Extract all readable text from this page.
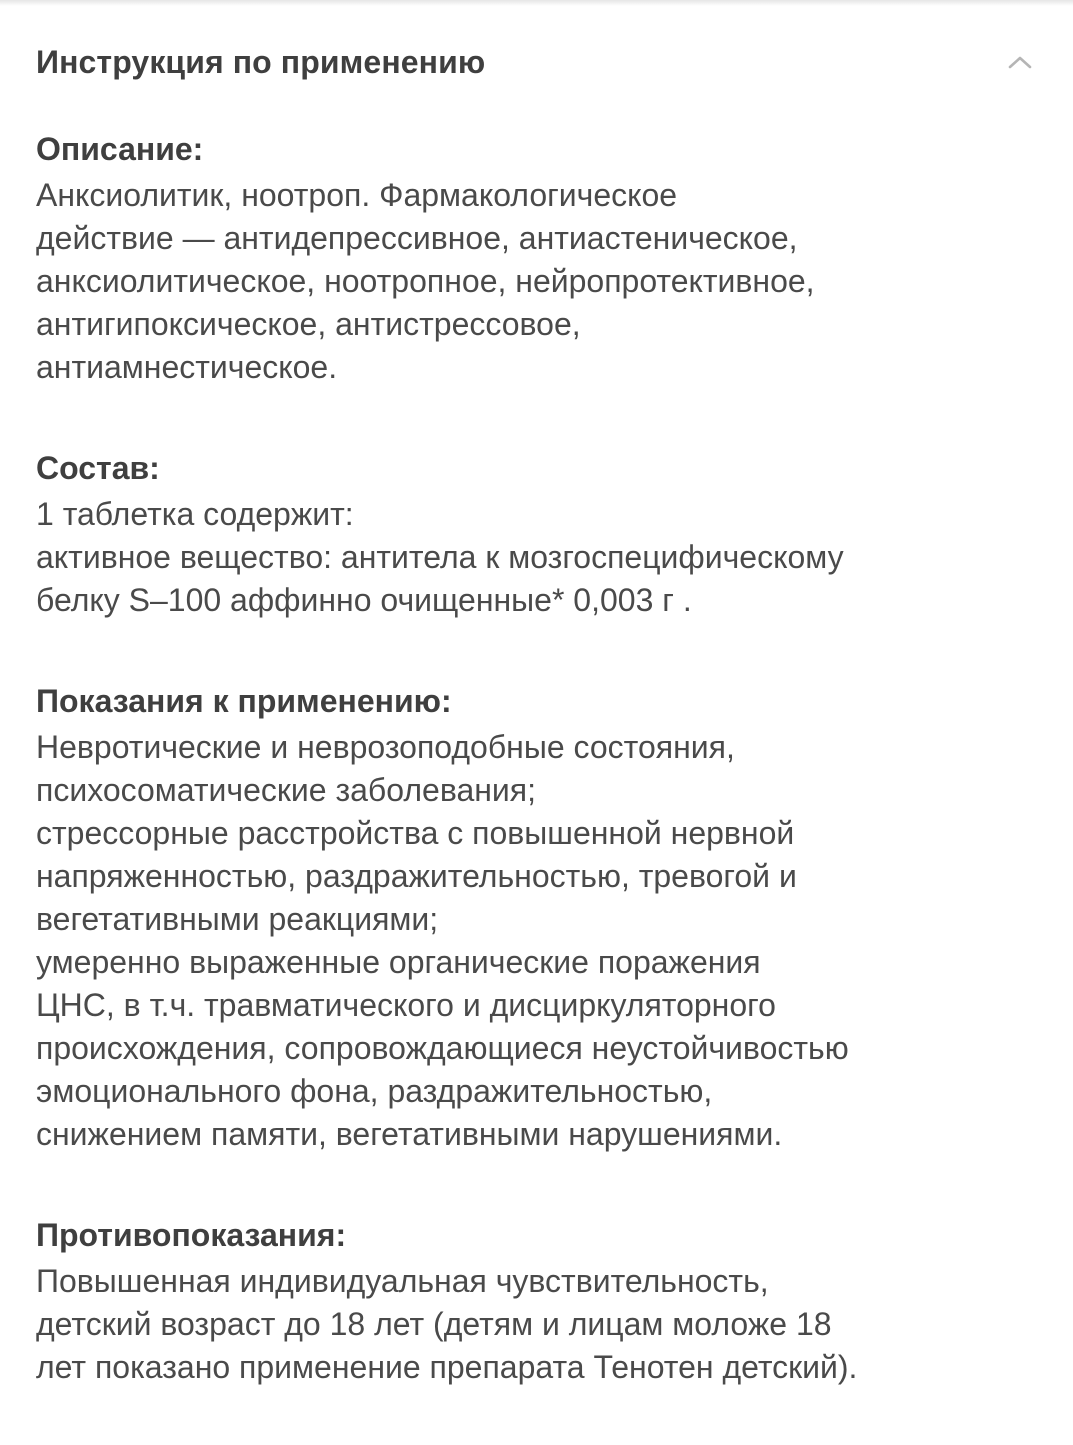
Инструкция по применению

Описание:

Анксиолитик, ноотроп. Фармакологическое
действие — антидепрессивное, антиастеническое,
анксиолитическое, ноотропное, нейропротективное,
антигипоксическое, антистрессовое,
антиамнестическое.

Состав:

1 таблетка содержит:
активное вещество: антитела к мозгоспецифическому
белку S–100 аффинно очищенные* 0,003 г .

Показания к применению:

Невротические и неврозоподобные состояния,
психосоматические заболевания;
стрессорные расстройства с повышенной нервной
напряженностью, раздражительностью, тревогой и
вегетативными реакциями;
умеренно выраженные органические поражения
ЦНС, в т.ч. травматического и дисциркуляторного
происхождения, сопровождающиеся неустойчивостью
эмоционального фона, раздражительностью,
снижением памяти, вегетативными нарушениями.

Противопоказания:

Повышенная индивидуальная чувствительность,
детский возраст до 18 лет (детям и лицам моложе 18
лет показано применение препарата Тенотен детский).
